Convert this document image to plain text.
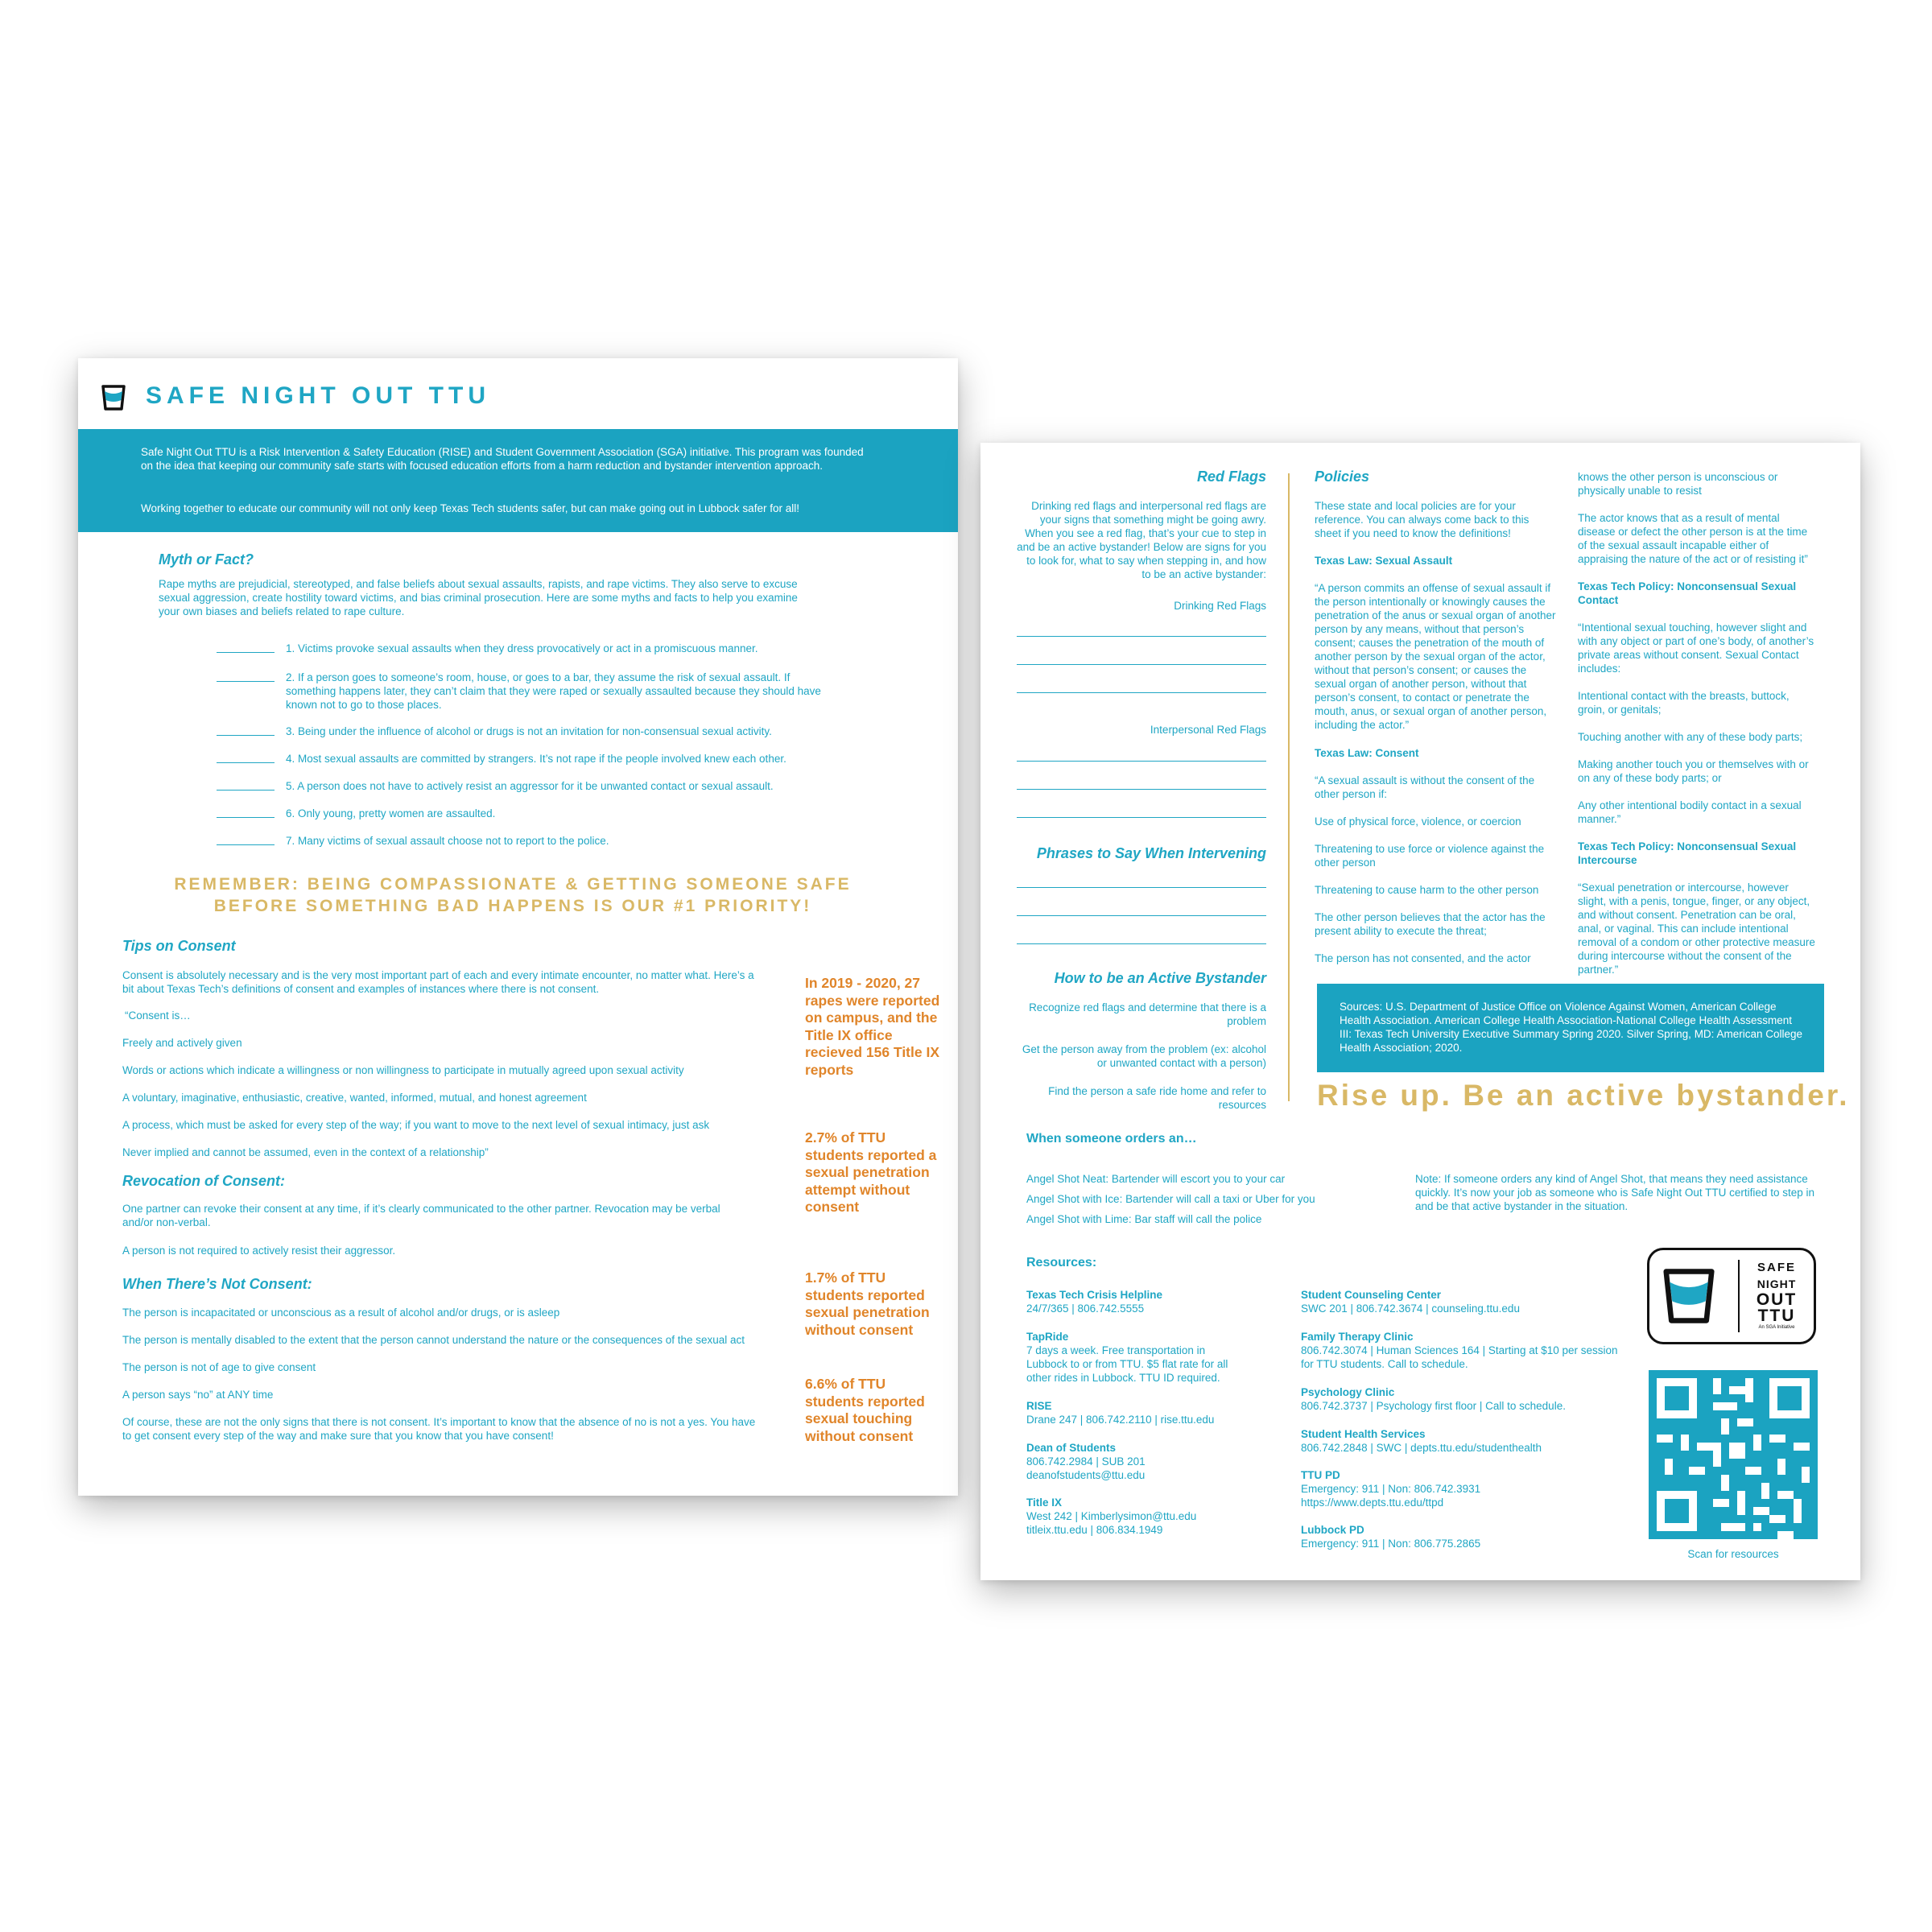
SAFE NIGHT OUT TTU

Safe Night Out TTU is a Risk Intervention & Safety Education (RISE) and Student Government Association (SGA) initiative. This program was founded on the idea that keeping our community safe starts with focused education efforts from a harm reduction and bystander intervention approach.

Working together to educate our community will not only keep Texas Tech students safer, but can make going out in Lubbock safer for all!

Myth or Fact?
Rape myths are prejudicial, stereotyped, and false beliefs about sexual assaults, rapists, and rape victims. They also serve to excuse sexual aggression, create hostility toward victims, and bias criminal prosecution. Here are some myths and facts to help you examine your own biases and beliefs related to rape culture.
1. Victims provoke sexual assaults when they dress provocatively or act in a promiscuous manner.
2. If a person goes to someone’s room, house, or goes to a bar, they assume the risk of sexual assault. If something happens later, they can’t claim that they were raped or sexually assaulted because they should have known not to go to those places.
3. Being under the influence of alcohol or drugs is not an invitation for non-consensual sexual activity.
4. Most sexual assaults are committed by strangers. It’s not rape if the people involved knew each other.
5. A person does not have to actively resist an aggressor for it be unwanted contact or sexual assault.
6. Only young, pretty women are assaulted.
7. Many victims of sexual assault choose not to report to the police.
REMEMBER: BEING COMPASSIONATE & GETTING SOMEONE SAFE BEFORE SOMETHING BAD HAPPENS IS OUR #1 PRIORITY!
Tips on Consent
Consent is absolutely necessary and is the very most important part of each and every intimate encounter, no matter what. Here’s a bit about Texas Tech’s definitions of consent and examples of instances where there is not consent.
“Consent is…
Freely and actively given
Words or actions which indicate a willingness or non willingness to participate in mutually agreed upon sexual activity
A voluntary, imaginative, enthusiastic, creative, wanted, informed, mutual, and honest agreement
A process, which must be asked for every step of the way; if you want to move to the next level of sexual intimacy, just ask
Never implied and cannot be assumed, even in the context of a relationship”
Revocation of Consent:
One partner can revoke their consent at any time, if it’s clearly communicated to the other partner. Revocation may be verbal and/or non-verbal.
A person is not required to actively resist their aggressor.
When There’s Not Consent:
The person is incapacitated or unconscious as a result of alcohol and/or drugs, or is asleep
The person is mentally disabled to the extent that the person cannot understand the nature or the consequences of the sexual act
The person is not of age to give consent
A person says “no” at ANY time
Of course, these are not the only signs that there is not consent. It’s important to know that the absence of no is not a yes. You have to get consent every step of the way and make sure that you know that you have consent!
In 2019 - 2020, 27 rapes were reported on campus, and the Title IX office recieved 156 Title IX reports
2.7% of TTU students reported a sexual penetration attempt without consent
1.7% of TTU students reported sexual penetration without consent
6.6% of TTU students reported sexual touching without consent
Red Flags
Drinking red flags and interpersonal red flags are your signs that something might be going awry. When you see a red flag, that’s your cue to step in and be an active bystander! Below are signs for you to look for, what to say when stepping in, and how to be an active bystander:
Drinking Red Flags
Interpersonal Red Flags
Phrases to Say When Intervening
How to be an Active Bystander
Recognize red flags and determine that there is a problem
Get the person away from the problem (ex: alcohol or unwanted contact with a person)
Find the person a safe ride home and refer to resources
Policies
These state and local policies are for your reference. You can always come back to this sheet if you need to know the definitions!
Texas Law: Sexual Assault
“A person commits an offense of sexual assault if the person intentionally or knowingly causes the penetration of the anus or sexual organ of another person by any means, without that person’s consent; causes the penetration of the mouth of another person by the sexual organ of the actor, without that person’s consent; or causes the sexual organ of another person, without that person’s consent, to contact or penetrate the mouth, anus, or sexual organ of another person, including the actor.”
Texas Law: Consent
“A sexual assault is without the consent of the other person if:
Use of physical force, violence, or coercion
Threatening to use force or violence against the other person
Threatening to cause harm to the other person
The other person believes that the actor has the present ability to execute the threat;
The person has not consented, and the actor
knows the other person is unconscious or physically unable to resist
The actor knows that as a result of mental disease or defect the other person is at the time of the sexual assault incapable either of appraising the nature of the act or of resisting it”
Texas Tech Policy: Nonconsensual Sexual Contact
“Intentional sexual touching, however slight and with any object or part of one’s body, of another’s private areas without consent. Sexual Contact includes:
Intentional contact with the breasts, buttock, groin, or genitals;
Touching another with any of these body parts;
Making another touch you or themselves with or on any of these body parts; or
Any other intentional bodily contact in a sexual manner.”
Texas Tech Policy: Nonconsensual Sexual Intercourse
“Sexual penetration or intercourse, however slight, with a penis, tongue, finger, or any object, and without consent. Penetration can be oral, anal, or vaginal. This can include intentional removal of a condom or other protective measure during intercourse without the consent of the partner.”

Sources: U.S. Department of Justice Office on Violence Against Women, American College Health Association. American College Health Association-National College Health Assessment III: Texas Tech University Executive Summary Spring 2020. Silver Spring, MD: American College Health Association; 2020.

Rise up. Be an active bystander.
When someone orders an…
Angel Shot Neat: Bartender will escort you to your car
Angel Shot with Ice: Bartender will call a taxi or Uber for you
Angel Shot with Lime: Bar staff will call the police
Note: If someone orders any kind of Angel Shot, that means they need assistance quickly. It’s now your job as someone who is Safe Night Out TTU certified to step in and be that active bystander in the situation.
Resources:
Texas Tech Crisis Helpline
24/7/365 | 806.742.5555
TapRide
7 days a week. Free transportation in Lubbock to or from TTU. $5 flat rate for all other rides in Lubbock. TTU ID required.
RISE
Drane 247 | 806.742.2110 | rise.ttu.edu
Dean of Students
806.742.2984 | SUB 201 deanofstudents@ttu.edu
Title IX
West 242 | Kimberlysimon@ttu.edu titleix.ttu.edu | 806.834.1949
Student Counseling Center
SWC 201 | 806.742.3674 | counseling.ttu.edu
Family Therapy Clinic
806.742.3074 | Human Sciences 164 | Starting at $10 per session for TTU students. Call to schedule.
Psychology Clinic
806.742.3737 | Psychology first floor | Call to schedule.
Student Health Services
806.742.2848 | SWC | depts.ttu.edu/studenthealth
TTU PD
Emergency: 911 | Non: 806.742.3931 https://www.depts.ttu.edu/ttpd
Lubbock PD
Emergency: 911 | Non: 806.775.2865
SAFE
NIGHT
OUT
TTU
An SGA Initiative
Scan for resources
